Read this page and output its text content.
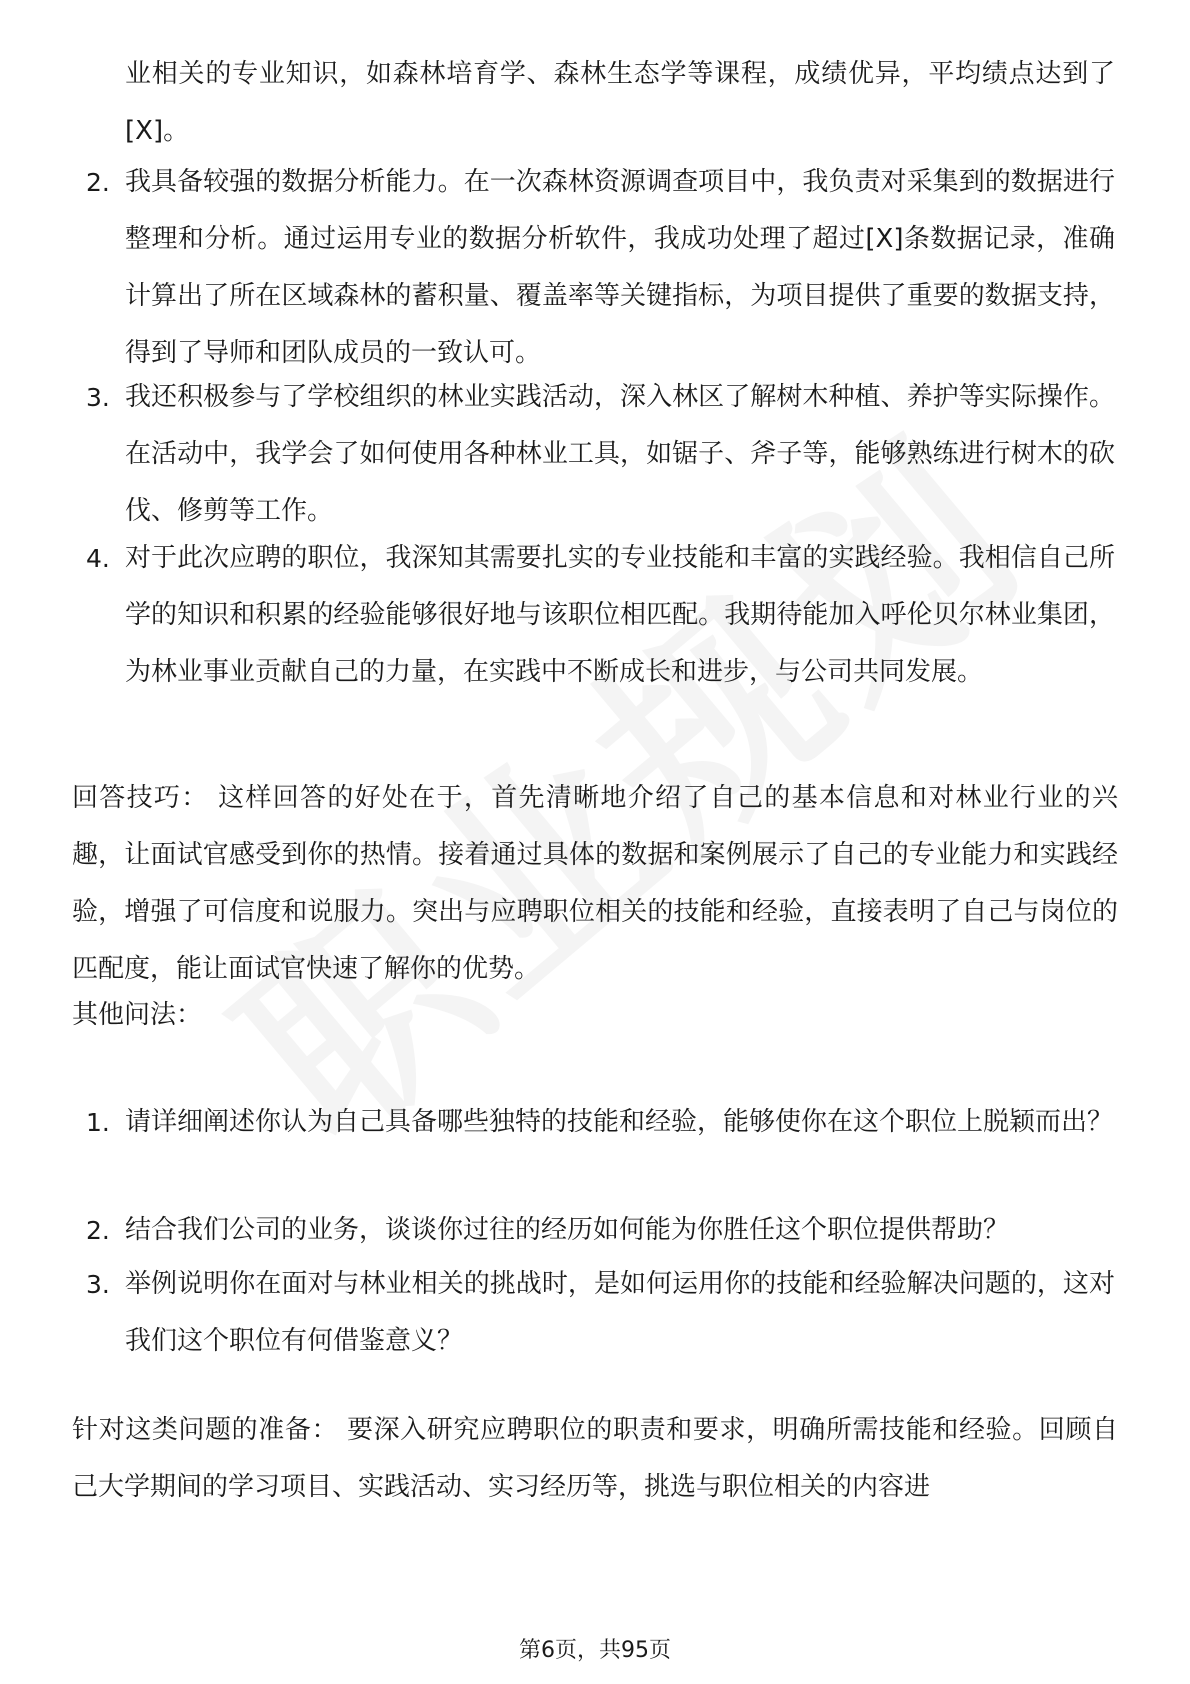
业相关的专业知识，如森林培育学、森林生态学等课程，成绩优异，平均绩点达到了[X]。
2. 我具备较强的数据分析能力。在一次森林资源调查项目中，我负责对采集到的数据进行整理和分析。通过运用专业的数据分析软件，我成功处理了超过[X]条数据记录，准确计算出了所在区域森林的蓄积量、覆盖率等关键指标，为项目提供了重要的数据支持，得到了导师和团队成员的一致认可。
3. 我还积极参与了学校组织的林业实践活动，深入林区了解树木种植、养护等实际操作。在活动中，我学会了如何使用各种林业工具，如锯子、斧子等，能够熟练进行树木的砍伐、修剪等工作。
4. 对于此次应聘的职位，我深知其需要扎实的专业技能和丰富的实践经验。我相信自己所学的知识和积累的经验能够很好地与该职位相匹配。我期待能加入呼伦贝尔林业集团，为林业事业贡献自己的力量，在实践中不断成长和进步，与公司共同发展。
回答技巧： 这样回答的好处在于，首先清晰地介绍了自己的基本信息和对林业行业的兴趣，让面试官感受到你的热情。接着通过具体的数据和案例展示了自己的专业能力和实践经验，增强了可信度和说服力。突出与应聘职位相关的技能和经验，直接表明了自己与岗位的匹配度，能让面试官快速了解你的优势。
其他问法：
1. 请详细阐述你认为自己具备哪些独特的技能和经验，能够使你在这个职位上脱颖而出？
2. 结合我们公司的业务，谈谈你过往的经历如何能为你胜任这个职位提供帮助？
3. 举例说明你在面对与林业相关的挑战时，是如何运用你的技能和经验解决问题的，这对我们这个职位有何借鉴意义？
针对这类问题的准备： 要深入研究应聘职位的职责和要求，明确所需技能和经验。回顾自己大学期间的学习项目、实践活动、实习经历等，挑选与职位相关的内容进
第6页，共95页
